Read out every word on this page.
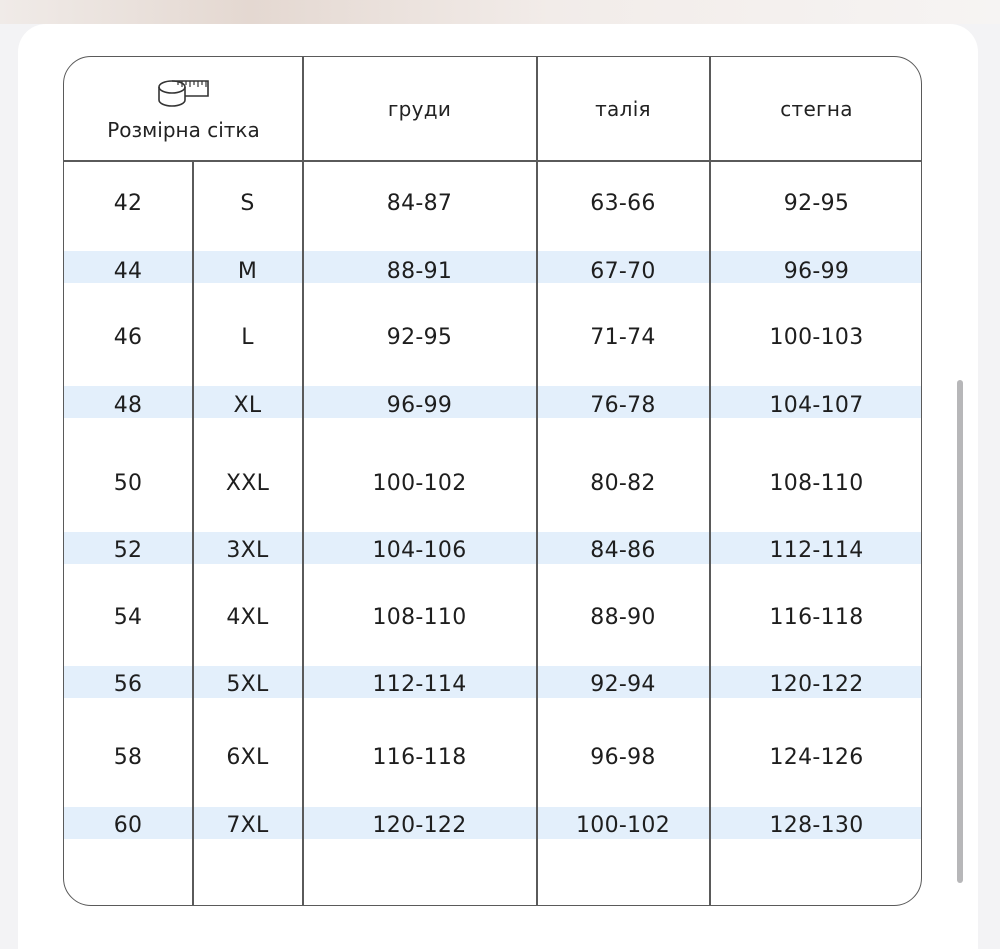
Розмірна сітка
груди	талія	стегна
42	S	84-87	63-66	92-95
44	M	88-91	67-70	96-99
46	L	92-95	71-74	100-103
48	XL	96-99	76-78	104-107
50	XXL	100-102	80-82	108-110
52	3XL	104-106	84-86	112-114
54	4XL	108-110	88-90	116-118
56	5XL	112-114	92-94	120-122
58	6XL	116-118	96-98	124-126
60	7XL	120-122	100-102	128-130
